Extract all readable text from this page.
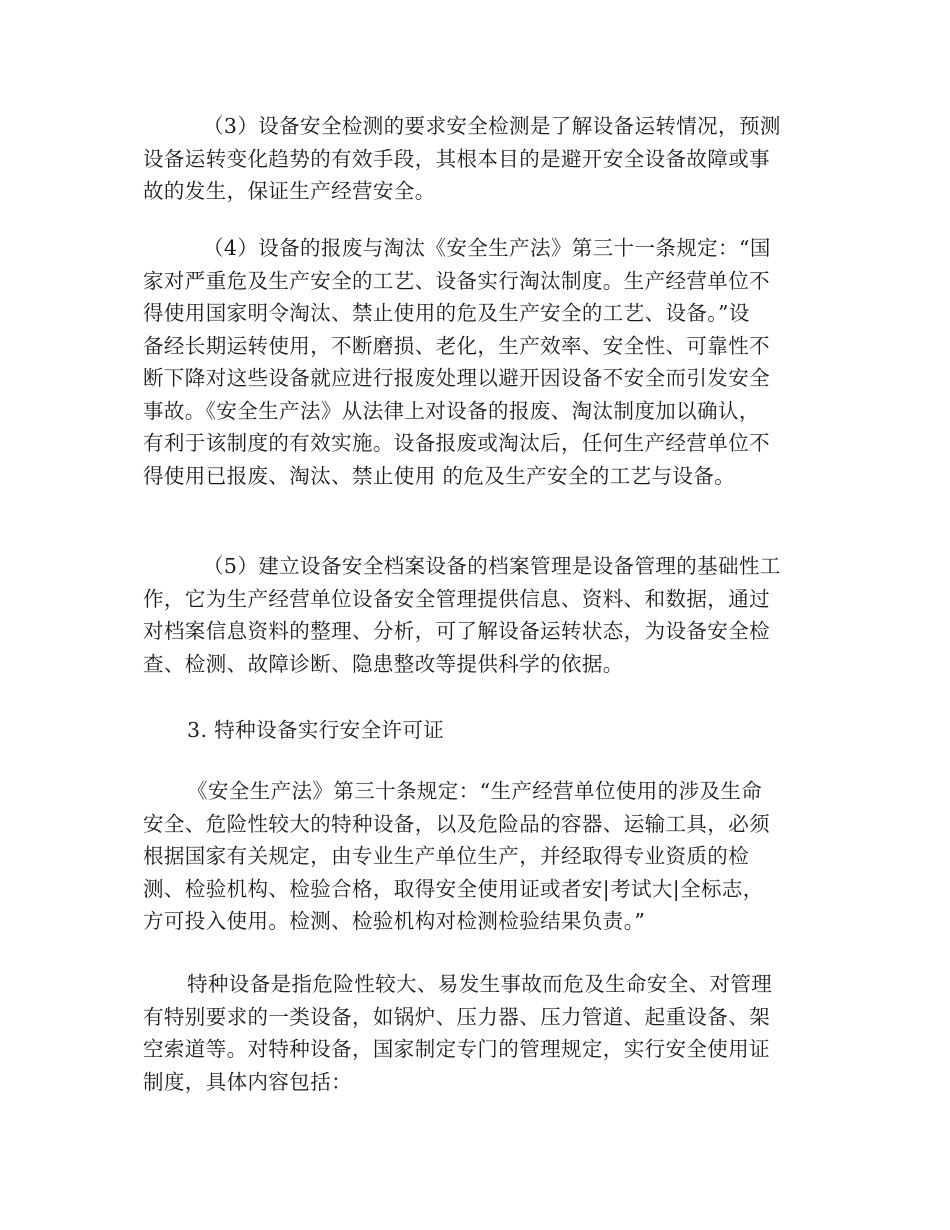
（3）设备安全检测的要求安全检测是了解设备运转情况，预测
设备运转变化趋势的有效手段，其根本目的是避开安全设备故障或事
故的发生，保证生产经营安全。

（4）设备的报废与淘汰《安全生产法》第三十一条规定：“国
家对严重危及生产安全的工艺、设备实行淘汰制度。生产经营单位不
得使用国家明令淘汰、禁止使用的危及生产安全的工艺、设备。”设
备经长期运转使用，不断磨损、老化，生产效率、安全性、可靠性不
断下降对这些设备就应进行报废处理以避开因设备不安全而引发安全
事故。《安全生产法》从法律上对设备的报废、淘汰制度加以确认，
有利于该制度的有效实施。设备报废或淘汰后，任何生产经营单位不
得使用已报废、淘汰、禁止使用 的危及生产安全的工艺与设备。

（5）建立设备安全档案设备的档案管理是设备管理的基础性工
作，它为生产经营单位设备安全管理提供信息、资料、和数据，通过
对档案信息资料的整理、分析，可了解设备运转状态，为设备安全检
查、检测、故障诊断、隐患整改等提供科学的依据。

3. 特种设备实行安全许可证

《安全生产法》第三十条规定：“生产经营单位使用的涉及生命
安全、危险性较大的特种设备，以及危险品的容器、运输工具，必须
根据国家有关规定，由专业生产单位生产，并经取得专业资质的检
测、检验机构、检验合格，取得安全使用证或者安|考试大|全标志，
方可投入使用。检测、检验机构对检测检验结果负责。”

特种设备是指危险性较大、易发生事故而危及生命安全、对管理
有特别要求的一类设备，如锅炉、压力器、压力管道、起重设备、架
空索道等。对特种设备，国家制定专门的管理规定，实行安全使用证
制度，具体内容包括：
